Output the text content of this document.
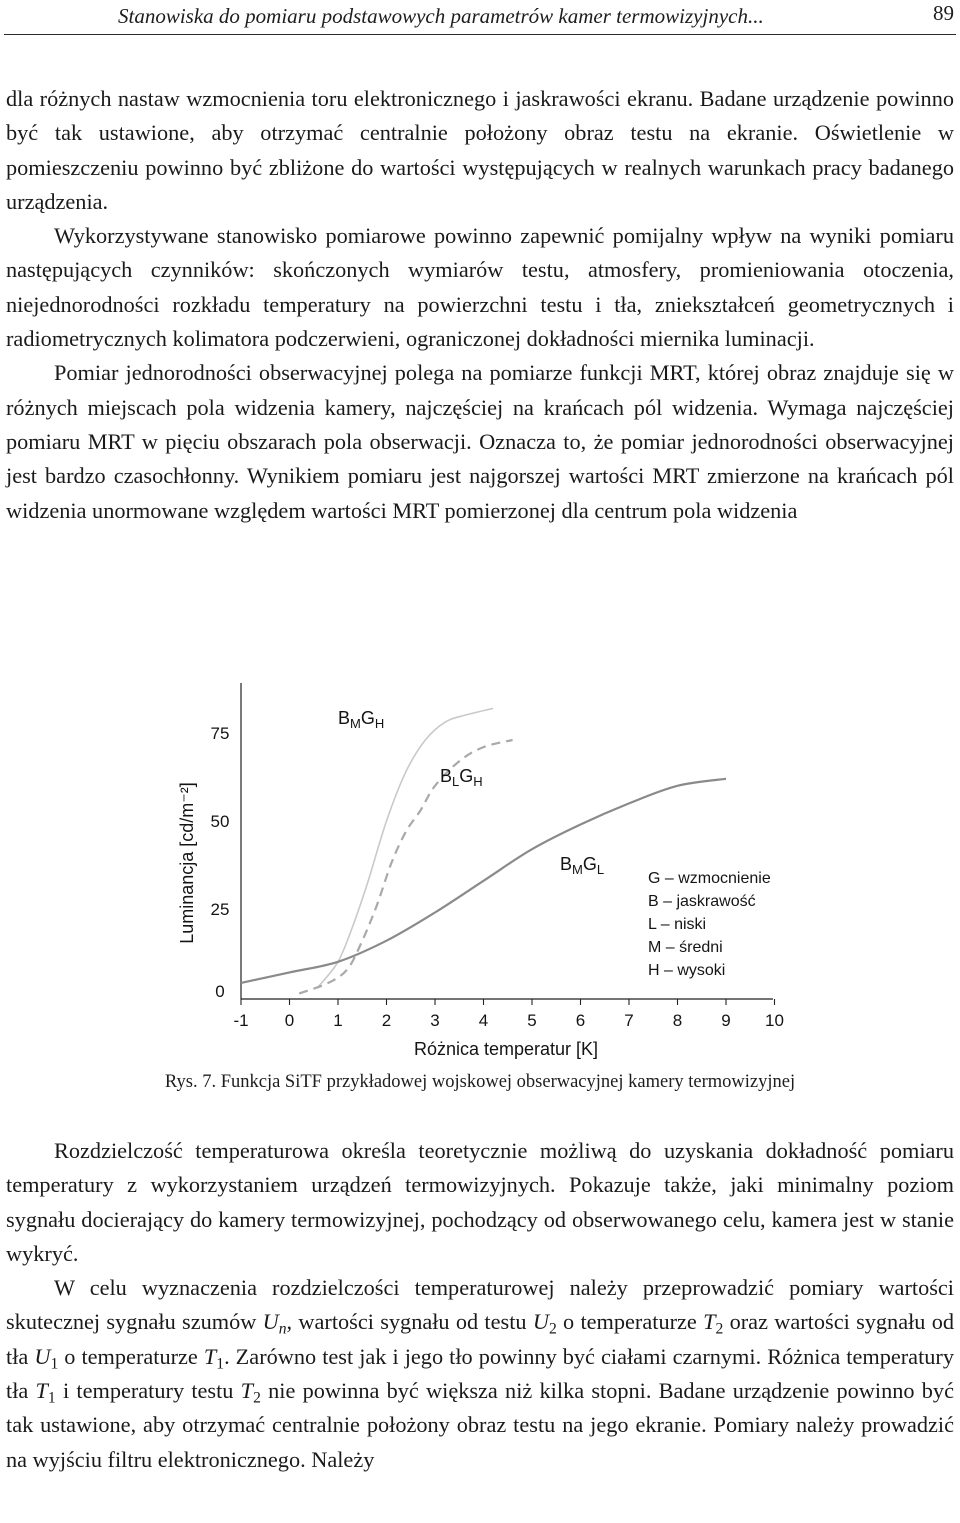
Stanowiska do pomiaru podstawowych parametrów kamer termowizyjnych...	89

dla różnych nastaw wzmocnienia toru elektronicznego i jaskrawości ekranu. Badane urządzenie powinno być tak ustawione, aby otrzymać centralnie położony obraz testu na ekranie. Oświetlenie w pomieszczeniu powinno być zbliżone do wartości występujących w realnych warunkach pracy badanego urządzenia.

Wykorzystywane stanowisko pomiarowe powinno zapewnić pomijalny wpływ na wyniki pomiaru następujących czynników: skończonych wymiarów testu, atmosfery, promieniowania otoczenia, niejednorodności rozkładu temperatury na powierzchni testu i tła, zniekształceń geometrycznych i radiometrycznych kolimatora podczerwieni, ograniczonej dokładności miernika luminacji.

Pomiar jednorodności obserwacyjnej polega na pomiarze funkcji MRT, której obraz znajduje się w różnych miejscach pola widzenia kamery, najczęściej na krańcach pól widzenia. Wymaga najczęściej pomiaru MRT w pięciu obszarach pola obserwacji. Oznacza to, że pomiar jednorodności obserwacyjnej jest bardzo czasochłonny. Wynikiem pomiaru jest najgorszej wartości MRT zmierzone na krańcach pól widzenia unormowane względem wartości MRT pomierzonej dla centrum pola widzenia

-1 0 1 2 3 4 5 6 7 8 9 10
0
25
50
75
Różnica temperatur [K]
Luminancja [cd/m⁻²]
$B_MG_H$
$B_LG_H$
$B_MG_L$
G – wzmocnienie
B – jaskrawość
L – niski
M – średni
H – wysoki
Rys. 7. Funkcja SiTF przykładowej wojskowej obserwacyjnej kamery termowizyjnej

Rozdzielczość temperaturowa określa teoretycznie możliwą do uzyskania dokładność pomiaru temperatury z wykorzystaniem urządzeń termowizyjnych. Pokazuje także, jaki minimalny poziom sygnału docierający do kamery termowizyjnej, pochodzący od obserwowanego celu, kamera jest w stanie wykryć.

W celu wyznaczenia rozdzielczości temperaturowej należy przeprowadzić pomiary wartości skutecznej sygnału szumów $U_n$, wartości sygnału od testu $U_2$ o temperaturze $T_2$ oraz wartości sygnału od tła $U_1$ o temperaturze $T_1$. Zarówno test jak i jego tło powinny być ciałami czarnymi. Różnica temperatury tła $T_1$ i temperatury testu $T_2$ nie powinna być większa niż kilka stopni. Badane urządzenie powinno być tak ustawione, aby otrzymać centralnie położony obraz testu na jego ekranie. Pomiary należy prowadzić na wyjściu filtru elektronicznego. Należy
